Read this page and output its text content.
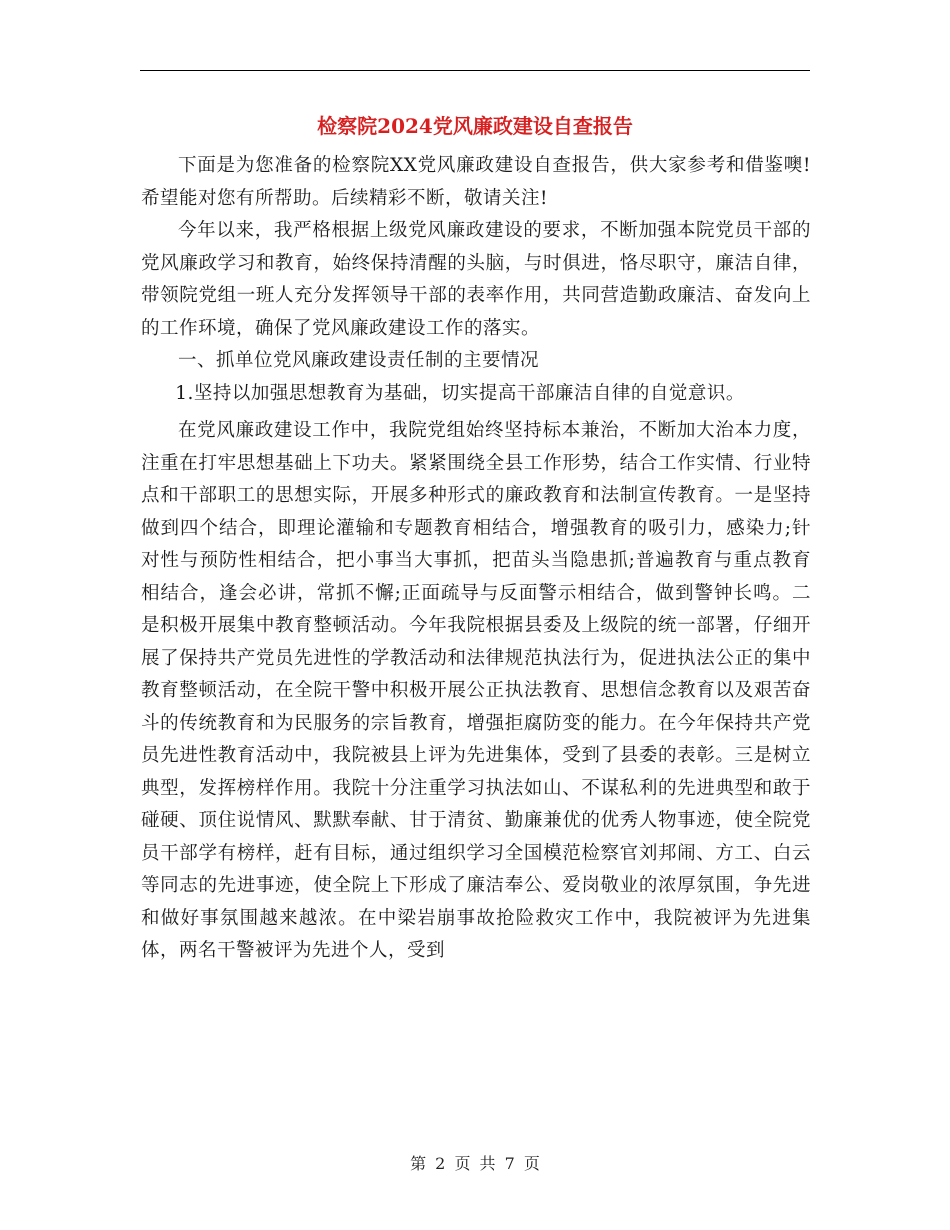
检察院2024党风廉政建设自查报告

下面是为您准备的检察院XX党风廉政建设自查报告，供大家参考和借鉴噢!希望能对您有所帮助。后续精彩不断，敬请关注!

今年以来，我严格根据上级党风廉政建设的要求，不断加强本院党员干部的党风廉政学习和教育，始终保持清醒的头脑，与时俱进，恪尽职守，廉洁自律，带领院党组一班人充分发挥领导干部的表率作用，共同营造勤政廉洁、奋发向上的工作环境，确保了党风廉政建设工作的落实。

一、抓单位党风廉政建设责任制的主要情况

1.坚持以加强思想教育为基础，切实提高干部廉洁自律的自觉意识。

在党风廉政建设工作中，我院党组始终坚持标本兼治，不断加大治本力度，注重在打牢思想基础上下功夫。紧紧围绕全县工作形势，结合工作实情、行业特点和干部职工的思想实际，开展多种形式的廉政教育和法制宣传教育。一是坚持做到四个结合，即理论灌输和专题教育相结合，增强教育的吸引力，感染力;针对性与预防性相结合，把小事当大事抓，把苗头当隐患抓;普遍教育与重点教育相结合，逢会必讲，常抓不懈;正面疏导与反面警示相结合，做到警钟长鸣。二是积极开展集中教育整顿活动。今年我院根据县委及上级院的统一部署，仔细开展了保持共产党员先进性的学教活动和法律规范执法行为，促进执法公正的集中教育整顿活动，在全院干警中积极开展公正执法教育、思想信念教育以及艰苦奋斗的传统教育和为民服务的宗旨教育，增强拒腐防变的能力。在今年保持共产党员先进性教育活动中，我院被县上评为先进集体，受到了县委的表彰。三是树立典型，发挥榜样作用。我院十分注重学习执法如山、不谋私利的先进典型和敢于碰硬、顶住说情风、默默奉献、甘于清贫、勤廉兼优的优秀人物事迹，使全院党员干部学有榜样，赶有目标，通过组织学习全国模范检察官刘邦闹、方工、白云等同志的先进事迹，使全院上下形成了廉洁奉公、爱岗敬业的浓厚氛围，争先进和做好事氛围越来越浓。在中梁岩崩事故抢险救灾工作中，我院被评为先进集体，两名干警被评为先进个人，受到

第 2 页 共 7 页
